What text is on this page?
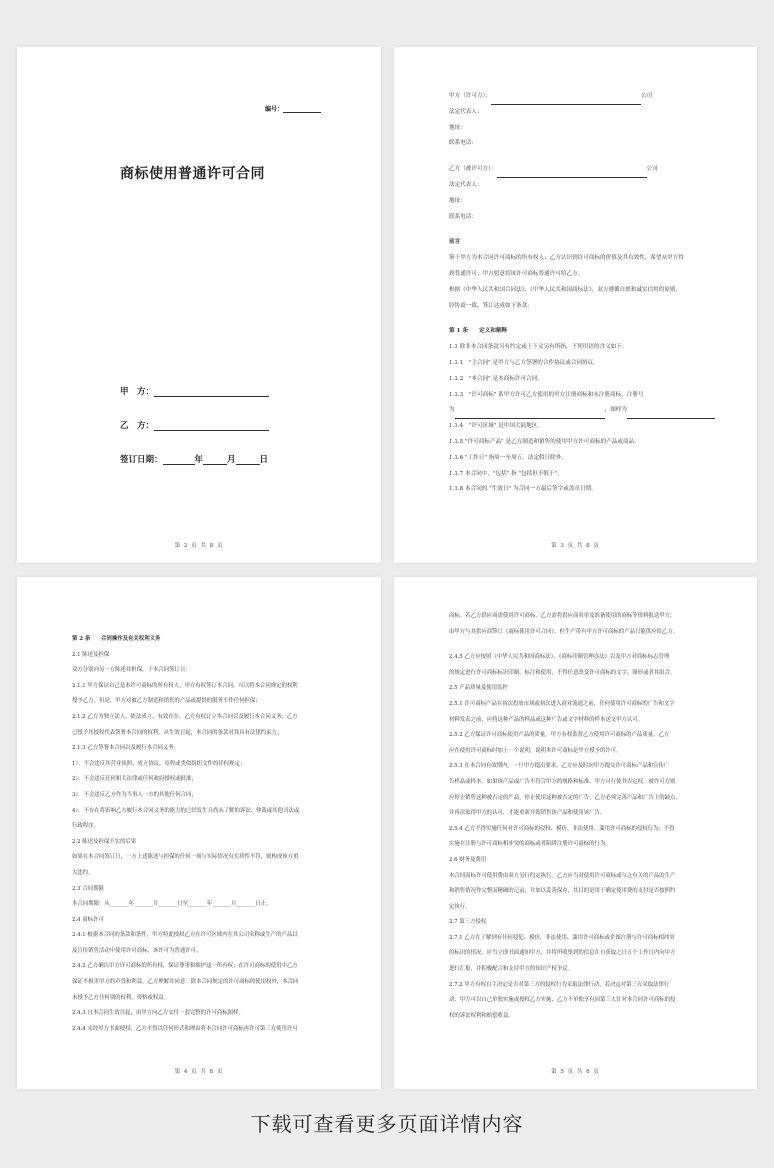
编号：
商标使用普通许可合同
甲　方：
乙　方：
签订日期：	年	月	日
第 2 页 共 8 页
甲方（许可方）：	公司
法定代表人：
地址：
联系电话：
乙方（被许可方）：	公司
法定代表人：
地址：
联系电话：
前言
鉴于甲方为本合同许可商标的所有权人；乙方认识到许可商标的价值及其有效性，希望从甲方得
到普通许可；甲方愿意将该许可商标普通许可给乙方。
根据《中华人民共和国合同法》、《中华人民共和国商标法》，双方遵循自愿和诚实信用的原则，
经协商一致，签订达成如下条款：
第 1 条　　定义和解释
1.1 除非本合同条款另有约定或上下文另有所指，下列用语的含义如下：
1.1.1　"主合同" 是甲方与乙方签署的合作协议或合同协议。
1.1.2　"本合同" 是本商标许可合同。
1.1.3　"许可商标" 系甲方许可乙方使用的甲方注册商标和未注册商标，注册号
为	，图样为
1.1.4　"许可区域" 是中国大陆地区。
1.1.5 "许可商标产品" 是乙方制造和销售的使用甲方许可商标的产品或商品。
1.1.6 "工作日" 指周一至周五，法定假日除外。
1.1.7 本合同中，"包括" 指 "包括但不限于"。
1.1.8 本合同的 "生效日" 为合同一方最后签字或盖章日期。
第 3 页 共 8 页
第 2 条　　合同操作及有关权利义务
2.1 陈述及担保
双方分别向另一方陈述并担保，于本合同签订日：
2.1.1 甲方保证自己是本许可商标的所有权人，甲方有权签订本合同，可以将本合同规定的权利
授予乙方。但是，甲方对被乙方制造和销售的产品或提供的服务不作任何担保；
2.1.2 乙方为独立法人，依法成立、有效存在，乙方有权订立本合同以及履行本合同义务；乙方
已授予其授权代表签署本合同的权利，从生效日起，本合同的条款对其具有法律约束力；
2.1.3 乙方签署本合同以及履行本合同义务：
1）．不会违反其营业执照、成立协议、章程或类似组织文件的任何规定；
2）．不会违反任何相关法律或任何政府授权或批准；
3）．不会违反乙方作为当事人一方的其他任何合同；
4）．不存在将影响乙方履行本合同义务的能力的已经发生且尚未了解的诉讼、仲裁或其他司法或
行政程序。
2.2 陈述及担保不实的后果
如果在本合同签订日，一方上述陈述与担保的任何一项与实际情况有实质性不符，则构成该方重
大违约。
2.3 合同期限
本合同期限：从_______年_______月_______日至_______年_______月_______日止。
2.4 商标许可
2.4.1 根据本合同的条款和条件，甲方特此授权乙方在许可区域内在其公司名称或生产的产品以
及宣传销售活动中使用许可商标，该许可为普通许可。
2.4.2 乙方确认甲方许可商标的所有权，保证尊重和维护这一所有权；在许可商标的使用中乙方
保证不损害甲方的声誉和利益，乙方理解并同意：除本合同规定的许可商标的使用权外，本合同
未授予乙方任何别的权利，资格或权益。
2.4.3 自本合同生效日起，由甲方向乙方交付一套完整的许可商标图样。
2.4.4 未经甲方书面授权，乙方不得以任何形式和理由将本合同许可商标再许可第三方使用许可
第 4 页 共 8 页
商标。若乙方供应商需使用许可商标，乙方需将供应商名单及准备使用的商标等资料报送甲方，
由甲方与其供应商签订《商标使用许可合同》，但生产带有甲方许可商标的产品只能供应给乙方。
2.4.5 乙方应按照《中华人民共和国商标法》、《商标印制管理办法》以及甲方对商标标志管理
的规定进行许可商标标识印制、标注和使用，不得任意改变许可商标的文字、图形或者其组合。
2.5 产品质量及使用监控
2.5.1 许可商标产品在初次投放市场或初次进入商业流通之前，任何使用许可商标的广告和文字
材料发表之前，应将这种产品的样品或这种广告或文字材料的样本送交甲方认可。
2.5.2 乙方保证许可商标使用产品的质量，甲方有权监督乙方使用许可商标的产品质量。乙方
应在使用许可商标时加上一个说明，说明本许可商标是甲方授予的许可。
2.5.3 在本合同有效期内，一旦甲方提出要求，乙方应及时向甲方提交许可商标产品和宣传广
告样品或样本。如果该产品或广告不符合甲方的规格和标准，甲方可行使其否定权。被许可方则
应停止销售这种被否定的产品，停止使用这种被否定的广告。乙方必须完善产品和广告上的缺点，
并再次取得甲方的认可，才能重新开始销售该产品和使用该广告。
2.5.4 乙方不得实施任何对许可商标的侵权、模仿、非法使用、滥用许可商标的侵权行为；不得
实施在注册与许可商标相冲突的商标或者陷阱注册许可商标的行为。
2.6 财务及费用
本合同商标许可使用费由双方另行约定执行。乙方应当对使用许可商标或与之有关的产品的生产
和销售情况作完整而精确的记录，并加以妥善保存，其目的是用于确定使用费的支付是否按照约
定执行。
2.7 第三方侵权
2.7.1 乙方在了解到有任何侵犯、模仿、非法使用、滥用许可商标或企图注册与许可商标相冲突
的标识的情况，应当立即书面通知甲方，并将所收集到的信息在自获取之日五个工作日内向甲方
进行汇报，并积极配合和支持甲方的知识产权争议。
2.7.2 甲方有权自主决定是否对第三方的侵权行为采取法律行动，若决定对第三方采取法律行
动，甲方可以自己单独实施或授权乙方实施，乙方不单独享有因第三人针对本合同许可商标的侵
权的诉讼权利和赔偿收益。
第 5 页 共 8 页
下载可查看更多页面详情内容
